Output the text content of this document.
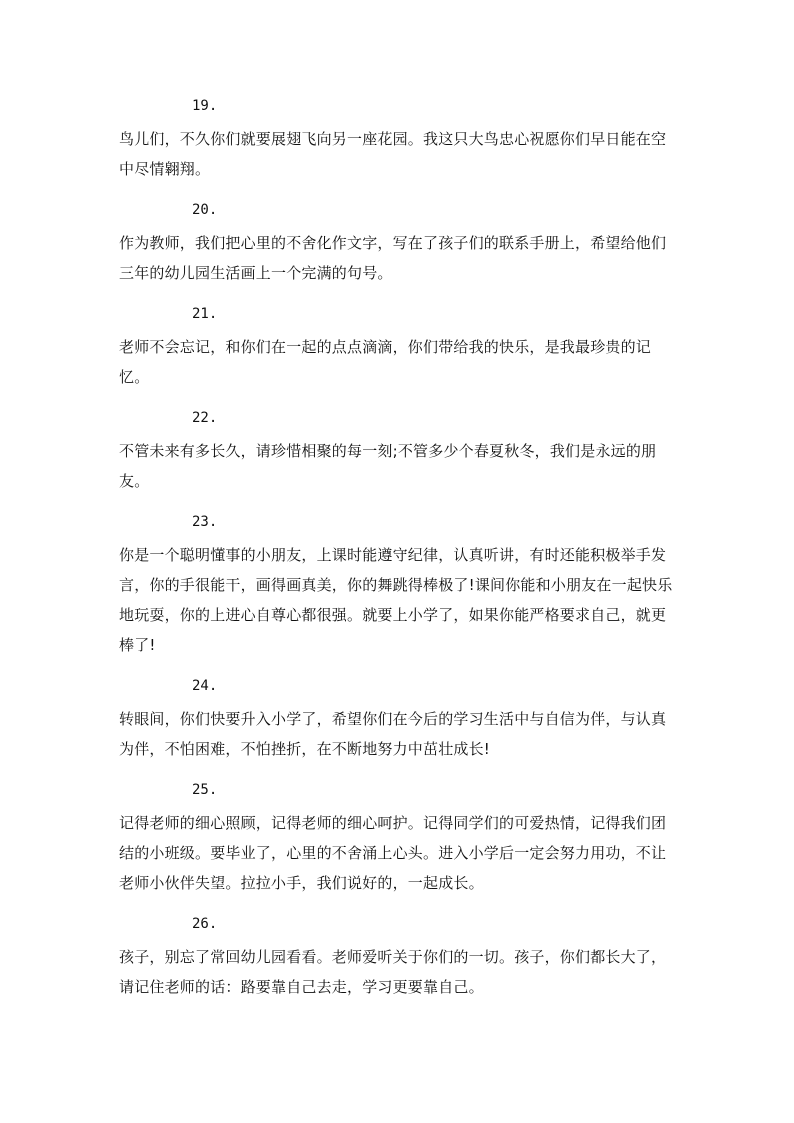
19.
鸟儿们，不久你们就要展翅飞向另一座花园。我这只大鸟忠心祝愿你们早日能在空中尽情翱翔。
20.
作为教师，我们把心里的不舍化作文字，写在了孩子们的联系手册上，希望给他们三年的幼儿园生活画上一个完满的句号。
21.
老师不会忘记，和你们在一起的点点滴滴，你们带给我的快乐，是我最珍贵的记忆。
22.
不管未来有多长久，请珍惜相聚的每一刻;不管多少个春夏秋冬，我们是永远的朋友。
23.
你是一个聪明懂事的小朋友，上课时能遵守纪律，认真听讲，有时还能积极举手发言，你的手很能干，画得画真美，你的舞跳得棒极了!课间你能和小朋友在一起快乐地玩耍，你的上进心自尊心都很强。就要上小学了，如果你能严格要求自己，就更棒了!
24.
转眼间，你们快要升入小学了，希望你们在今后的学习生活中与自信为伴，与认真为伴，不怕困难，不怕挫折，在不断地努力中茁壮成长!
25.
记得老师的细心照顾，记得老师的细心呵护。记得同学们的可爱热情，记得我们团结的小班级。要毕业了，心里的不舍涌上心头。进入小学后一定会努力用功，不让老师小伙伴失望。拉拉小手，我们说好的，一起成长。
26.
孩子，别忘了常回幼儿园看看。老师爱听关于你们的一切。孩子，你们都长大了，请记住老师的话：路要靠自己去走，学习更要靠自己。
